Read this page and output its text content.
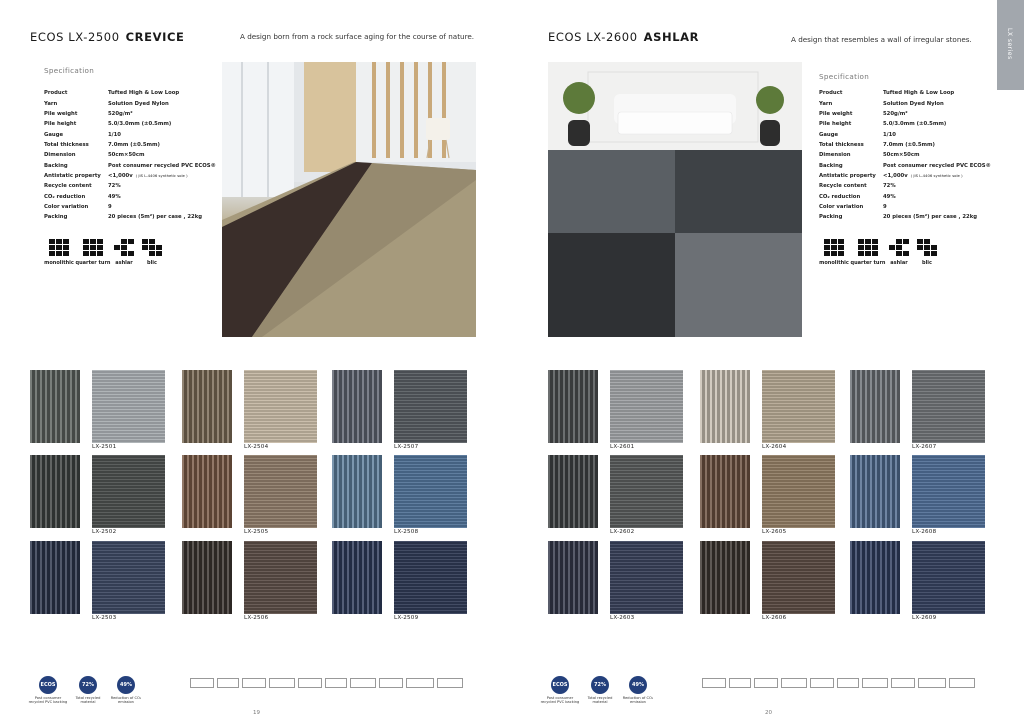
ECOS LX-2500 CREVICE	A design born from a rock surface aging for the course of nature.
Specification
Product	Tufted High & Low Loop
Yarn	Solution Dyed Nylon
Pile weight	520g/m²
Pile height	5.0/3.0mm (±0.5mm)
Gauge	1/10
Total thickness	7.0mm (±0.5mm)
Dimension	50cm×50cm
Backing	Post consumer recycled PVC ECOS®
Antistatic property	<1,000v ( JIS L-4406 synthetic sole )
Recycle content	72%
CO₂ reduction	49%
Color variation	9
Packing	20 pieces (5m²) per case , 22kg
monolithic quarter turn ashlar	blic
LX-2501
LX-2502
LX-2503
LX-2504
LX-2505
LX-2506
LX-2507
LX-2508
LX-2509
ECOS
Post consumer
recycled PVC backing
72%
Total recycled
material
49%
Reduction of CO₂
emission
19
ECOS LX-2600 ASHLAR	A design that resembles a wall of irregular stones.
Specification
Product	Tufted High & Low Loop
Yarn	Solution Dyed Nylon
Pile weight	520g/m²
Pile height	5.0/3.0mm (±0.5mm)
Gauge	1/10
Total thickness	7.0mm (±0.5mm)
Dimension	50cm×50cm
Backing	Post consumer recycled PVC ECOS®
Antistatic property	<1,000v ( JIS L-4406 synthetic sole )
Recycle content	72%
CO₂ reduction	49%
Color variation	9
Packing	20 pieces (5m²) per case , 22kg
monolithic quarter turn ashlar	blic
ECOS
Post consumer
recycled PVC backing
72%
Total recycled
material
49%
Reduction of CO₂
emission
20
LX-2601
LX-2602
LX-2603
LX-2604
LX-2605
LX-2606
LX-2607
LX-2608
LX-2609
LX series
